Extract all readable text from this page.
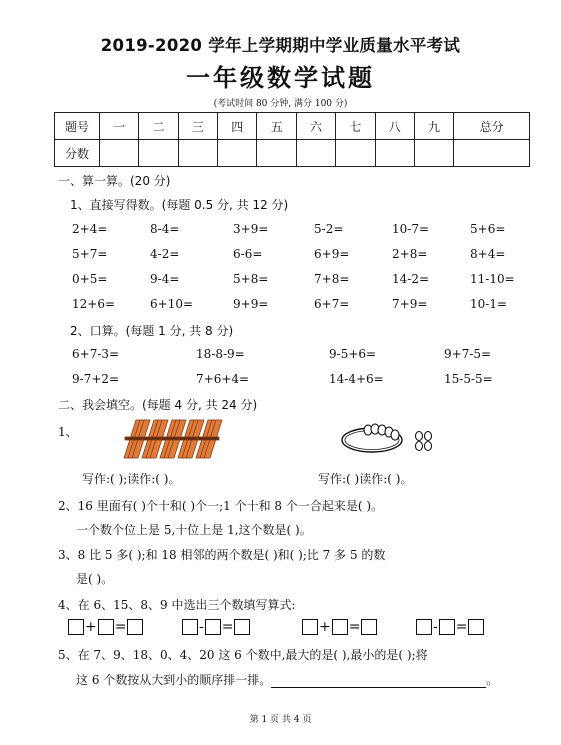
2019-2020 学年上学期期中学业质量水平考试
一年级数学试题
(考试时间 80 分钟, 满分 100 分)
题号	一	二	三	四	五	六	七	八	九	总分
分数										
一、算一算。(20 分)
1、直接写得数。(每题 0.5 分, 共 12 分)
2+4=	8-4=	3+9=	5-2=	10-7=	5+6=
5+7=	4-2=	6-6=	6+9=	2+8=	8+4=
0+5=	9-4=	5+8=	7+8=	14-2=	11-10=
12+6=	6+10=	9+9=	6+7=	7+9=	10-1=
2、口算。(每题 1 分, 共 8 分)
6+7-3=	18-8-9=	9-5+6=	9+7-5=
9-7+2=	7+6+4=	14-4+6=	15-5-5=
二、我会填空。(每题 4 分, 共 24 分)
1、
写作:( );读作:( )。	写作:( )读作:( )。
2、16 里面有( )个十和( )个一;1 个十和 8 个一合起来是( )。
一个数个位上是 5,十位上是 1,这个数是( )。
3、8 比 5 多( );和 18 相邻的两个数是( )和( );比 7 多 5 的数
是( )。
4、在 6、15、8、9 中选出三个数填写算式:
+ =	- =	+ =	- =
5、在 7、9、18、0、4、20 这 6 个数中,最大的是( ),最小的是( );将
这 6 个数按从大到小的顺序排一排。	。
第 1 页 共 4 页
